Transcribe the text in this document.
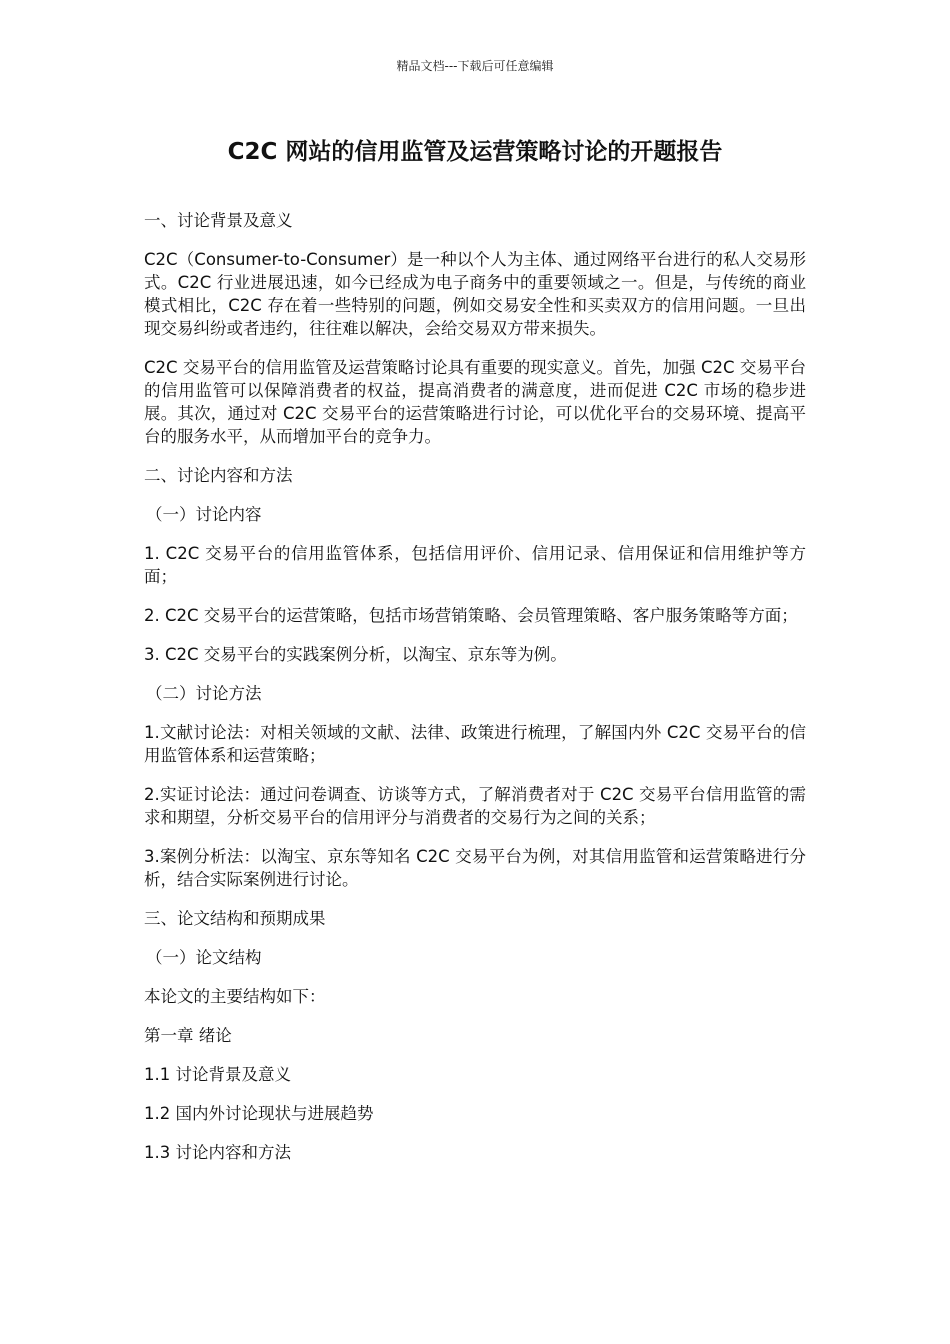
精品文档---下载后可任意编辑
C2C 网站的信用监管及运营策略讨论的开题报告

一、讨论背景及意义

C2C（Consumer-to-Consumer）是一种以个人为主体、通过网络平台进行的私人交易形式。C2C 行业进展迅速，如今已经成为电子商务中的重要领域之一。但是，与传统的商业模式相比，C2C 存在着一些特别的问题，例如交易安全性和买卖双方的信用问题。一旦出现交易纠纷或者违约，往往难以解决，会给交易双方带来损失。

C2C 交易平台的信用监管及运营策略讨论具有重要的现实意义。首先，加强 C2C 交易平台的信用监管可以保障消费者的权益，提高消费者的满意度，进而促进 C2C 市场的稳步进展。其次，通过对 C2C 交易平台的运营策略进行讨论，可以优化平台的交易环境、提高平台的服务水平，从而增加平台的竞争力。

二、讨论内容和方法

（一）讨论内容

1. C2C 交易平台的信用监管体系，包括信用评价、信用记录、信用保证和信用维护等方面；

2. C2C 交易平台的运营策略，包括市场营销策略、会员管理策略、客户服务策略等方面；

3. C2C 交易平台的实践案例分析，以淘宝、京东等为例。

（二）讨论方法

1.文献讨论法：对相关领域的文献、法律、政策进行梳理，了解国内外 C2C 交易平台的信用监管体系和运营策略；

2.实证讨论法：通过问卷调查、访谈等方式，了解消费者对于 C2C 交易平台信用监管的需求和期望，分析交易平台的信用评分与消费者的交易行为之间的关系；

3.案例分析法：以淘宝、京东等知名 C2C 交易平台为例，对其信用监管和运营策略进行分析，结合实际案例进行讨论。

三、论文结构和预期成果

（一）论文结构

本论文的主要结构如下：

第一章 绪论

1.1 讨论背景及意义

1.2 国内外讨论现状与进展趋势

1.3 讨论内容和方法
